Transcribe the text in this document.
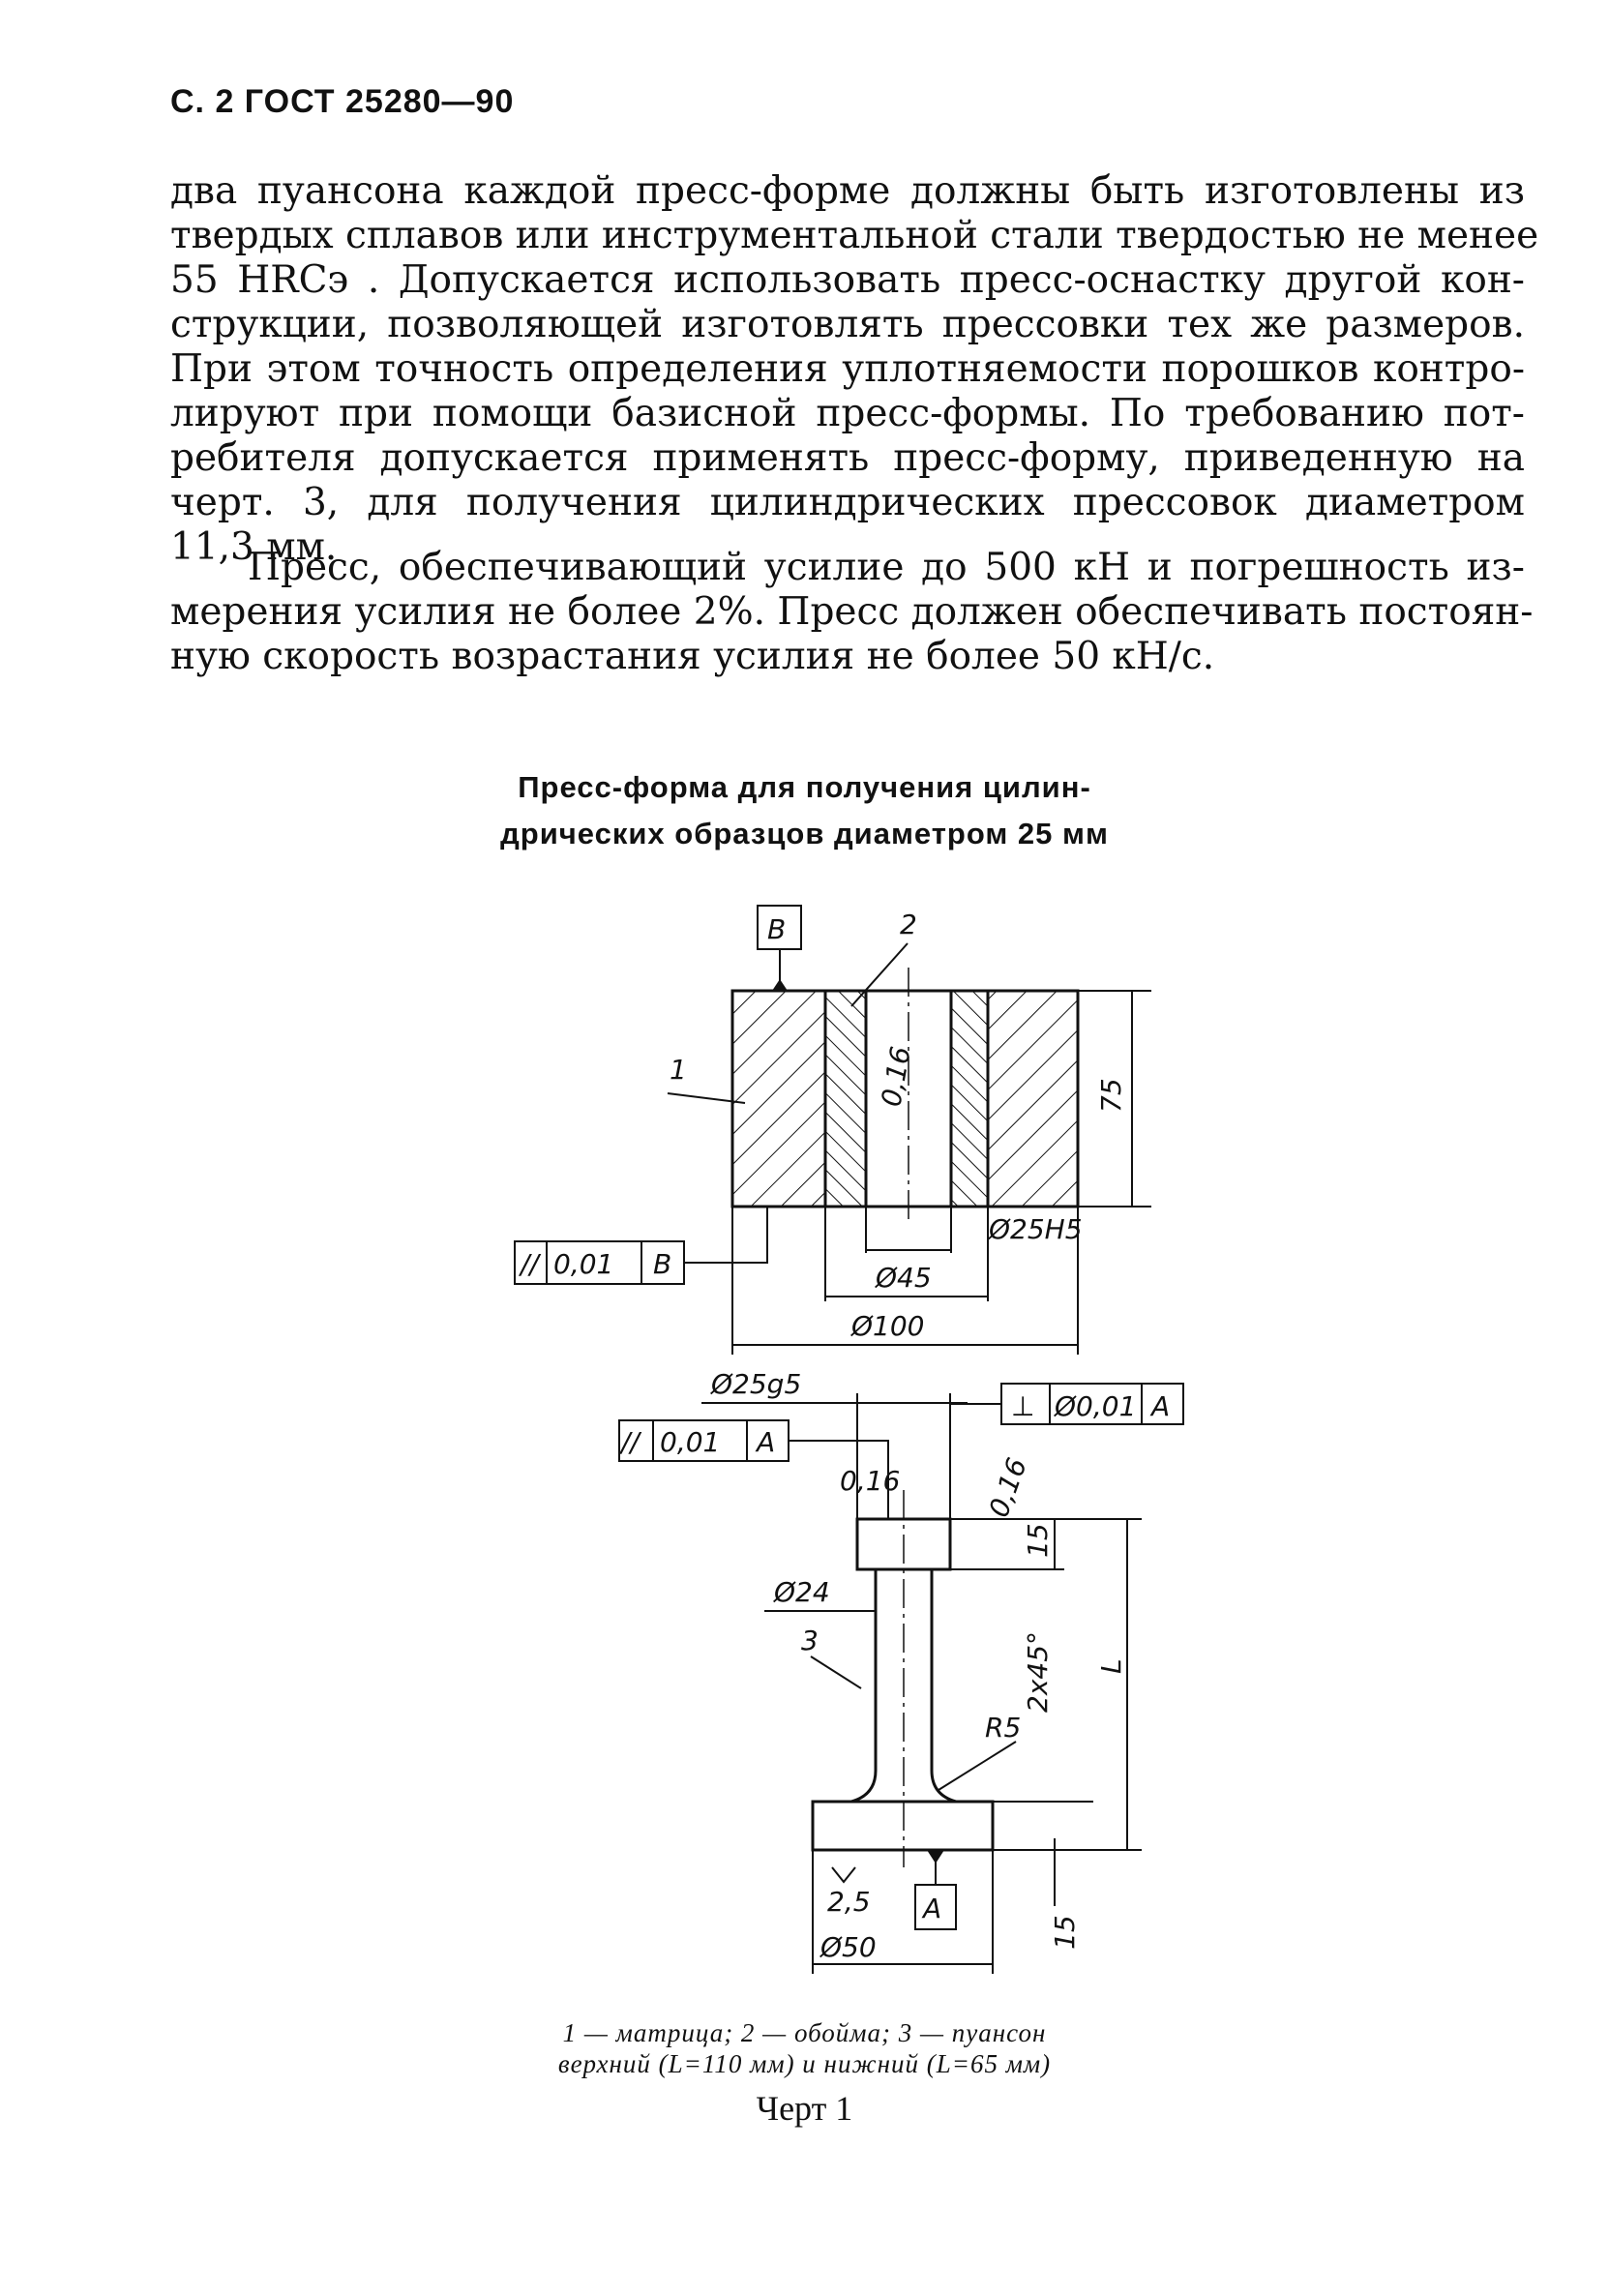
С. 2 ГОСТ 25280—90
два пуансона каждой пресс-форме должны быть изготовлены из
твердых сплавов или инструментальной стали твердостью не менее
55 HRCэ . Допускается использовать пресс-оснастку другой кон-
струкции, позволяющей изготовлять прессовки тех же размеров.
При этом точность определения уплотняемости порошков контро-
лируют при помощи базисной пресс-формы. По требованию пот-
ребителя допускается применять пресс-форму, приведенную на
черт. 3, для получения цилиндрических прессовок диаметром
11,3 мм.
Пресс, обеспечивающий усилие до 500 кН и погрешность из-
мерения усилия не более 2%. Пресс должен обеспечивать постоян-
ную скорость возрастания усилия не более 50 кН/с.
Пресс-форма для получения цилин-
дрических образцов диаметром 25 мм
B
1
2
0,16	75
Ø25H5
Ø45
Ø100
// 0,01 B
Ø25g5
⊥ Ø0,01 A
// 0,01 A
0,16	0,16
15
Ø24
2x45° L
3
R5
2,5 A
15
Ø50
1 — матрица; 2 — обойма; 3 — пуансон
верхний (L=110 мм) и нижний (L=65 мм)
Черт 1
